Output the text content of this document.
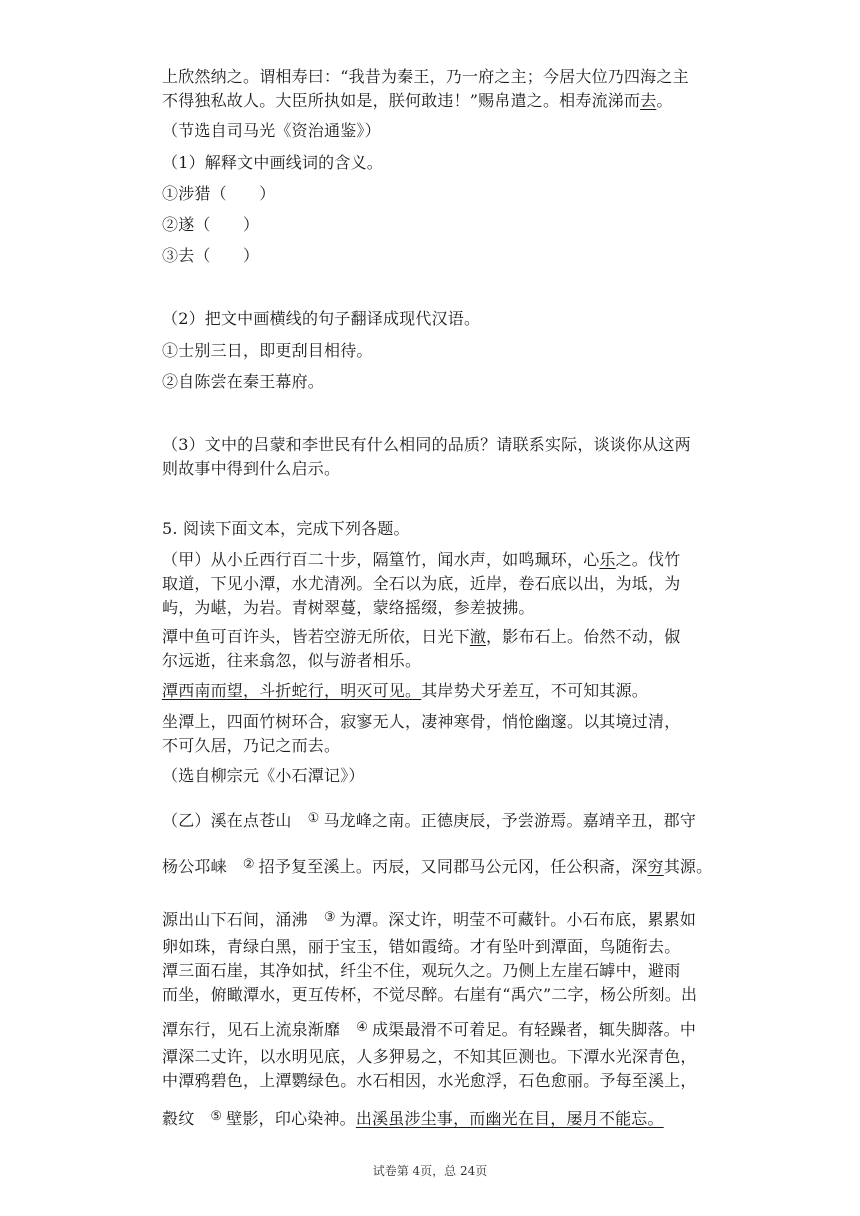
上欣然纳之。谓相寿曰：“我昔为秦王，乃一府之主；今居大位乃四海之主
不得独私故人。大臣所执如是，朕何敢违！”赐帛遣之。相寿流涕而去。
（节选自司马光《资治通鉴》）
（1）解释文中画线词的含义。
①涉猎（　　）
②遂（　　）
③去（　　）
（2）把文中画横线的句子翻译成现代汉语。
①士别三日，即更刮目相待。
②自陈尝在秦王幕府。
（3）文中的吕蒙和李世民有什么相同的品质？请联系实际，谈谈你从这两
则故事中得到什么启示。
5. 阅读下面文本，完成下列各题。
（甲）从小丘西行百二十步，隔篁竹，闻水声，如鸣珮环，心乐之。伐竹
取道，下见小潭，水尤清冽。全石以为底，近岸，卷石底以出，为坻，为
屿，为嵁，为岩。青树翠蔓，蒙络摇缀，参差披拂。
潭中鱼可百许头，皆若空游无所依，日光下澈，影布石上。佁然不动，俶
尔远逝，往来翕忽，似与游者相乐。
潭西南而望，斗折蛇行，明灭可见。其岸势犬牙差互，不可知其源。
坐潭上，四面竹树环合，寂寥无人，凄神寒骨，悄怆幽邃。以其境过清，
不可久居，乃记之而去。
（选自柳宗元《小石潭记》）
（乙）溪在点苍山 ① 马龙峰之南。正德庚辰，予尝游焉。嘉靖辛丑，郡守
杨公邛崃 ② 招予复至溪上。丙辰，又同郡马公元冈，任公积斋，深穷其源。
源出山下石间，涌沸 ③ 为潭。深丈许，明莹不可藏针。小石布底，累累如
卵如珠，青绿白黑，丽于宝玉，错如霞绮。才有坠叶到潭面，鸟随衔去。
潭三面石崖，其净如拭，纤尘不住，观玩久之。乃侧上左崖石罅中，避雨
而坐，俯瞰潭水，更互传杯，不觉尽醉。右崖有“禹穴”二字，杨公所刻。出
潭东行，见石上流泉渐靡 ④ 成渠最滑不可着足。有轻躁者，辄失脚落。中
潭深二丈许，以水明见底，人多狎易之，不知其叵测也。下潭水光深青色，
中潭鸦碧色，上潭鹦绿色。水石相因，水光愈浮，石色愈丽。予每至溪上，
縠纹 ⑤ 壁影，印心染神。出溪虽涉尘事，而幽光在目，屡月不能忘。
试卷第 4页，总 24页
